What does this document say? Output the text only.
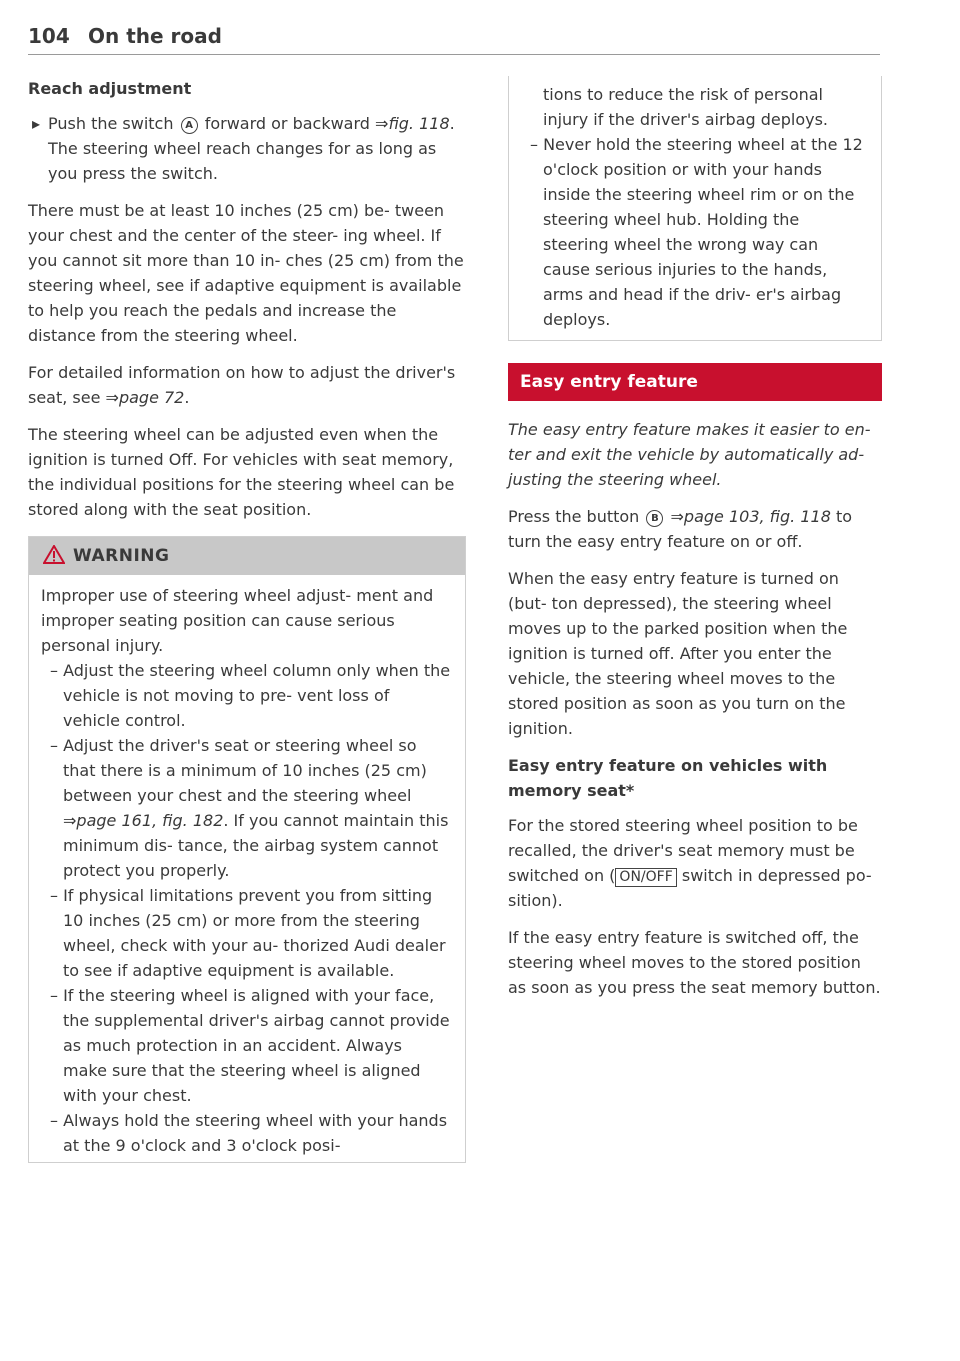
104 On the road

Reach adjustment

▸ Push the switch A forward or backward ⇒fig. 118. The steering wheel reach changes for as long as you press the switch.

There must be at least 10 inches (25 cm) be- tween your chest and the center of the steer- ing wheel. If you cannot sit more than 10 in- ches (25 cm) from the steering wheel, see if adaptive equipment is available to help you reach the pedals and increase the distance from the steering wheel.

For detailed information on how to adjust the driver's seat, see ⇒page 72.

The steering wheel can be adjusted even when the ignition is turned Off. For vehicles with seat memory, the individual positions for the steering wheel can be stored along with the seat position.

WARNING

Improper use of steering wheel adjust- ment and improper seating position can cause serious personal injury.

– Adjust the steering wheel column only when the vehicle is not moving to pre- vent loss of vehicle control.

– Adjust the driver's seat or steering wheel so that there is a minimum of 10 inches (25 cm) between your chest and the steering wheel ⇒page 161, fig. 182. If you cannot maintain this minimum dis- tance, the airbag system cannot protect you properly.

– If physical limitations prevent you from sitting 10 inches (25 cm) or more from the steering wheel, check with your au- thorized Audi dealer to see if adaptive equipment is available.

– If the steering wheel is aligned with your face, the supplemental driver's airbag cannot provide as much protection in an accident. Always make sure that the steering wheel is aligned with your chest.

– Always hold the steering wheel with your hands at the 9 o'clock and 3 o'clock posi-

tions to reduce the risk of personal injury if the driver's airbag deploys.

– Never hold the steering wheel at the 12 o'clock position or with your hands inside the steering wheel rim or on the steering wheel hub. Holding the steering wheel the wrong way can cause serious injuries to the hands, arms and head if the driv- er's airbag deploys.

Easy entry feature

The easy entry feature makes it easier to en- ter and exit the vehicle by automatically ad- justing the steering wheel.

Press the button B ⇒page 103, fig. 118 to turn the easy entry feature on or off.

When the easy entry feature is turned on (but- ton depressed), the steering wheel moves up to the parked position when the ignition is turned off. After you enter the vehicle, the steering wheel moves to the stored position as soon as you turn on the ignition.

Easy entry feature on vehicles with memory seat*

For the stored steering wheel position to be recalled, the driver's seat memory must be switched on ( ON/OFF switch in depressed po- sition).

If the easy entry feature is switched off, the steering wheel moves to the stored position as soon as you press the seat memory button.
